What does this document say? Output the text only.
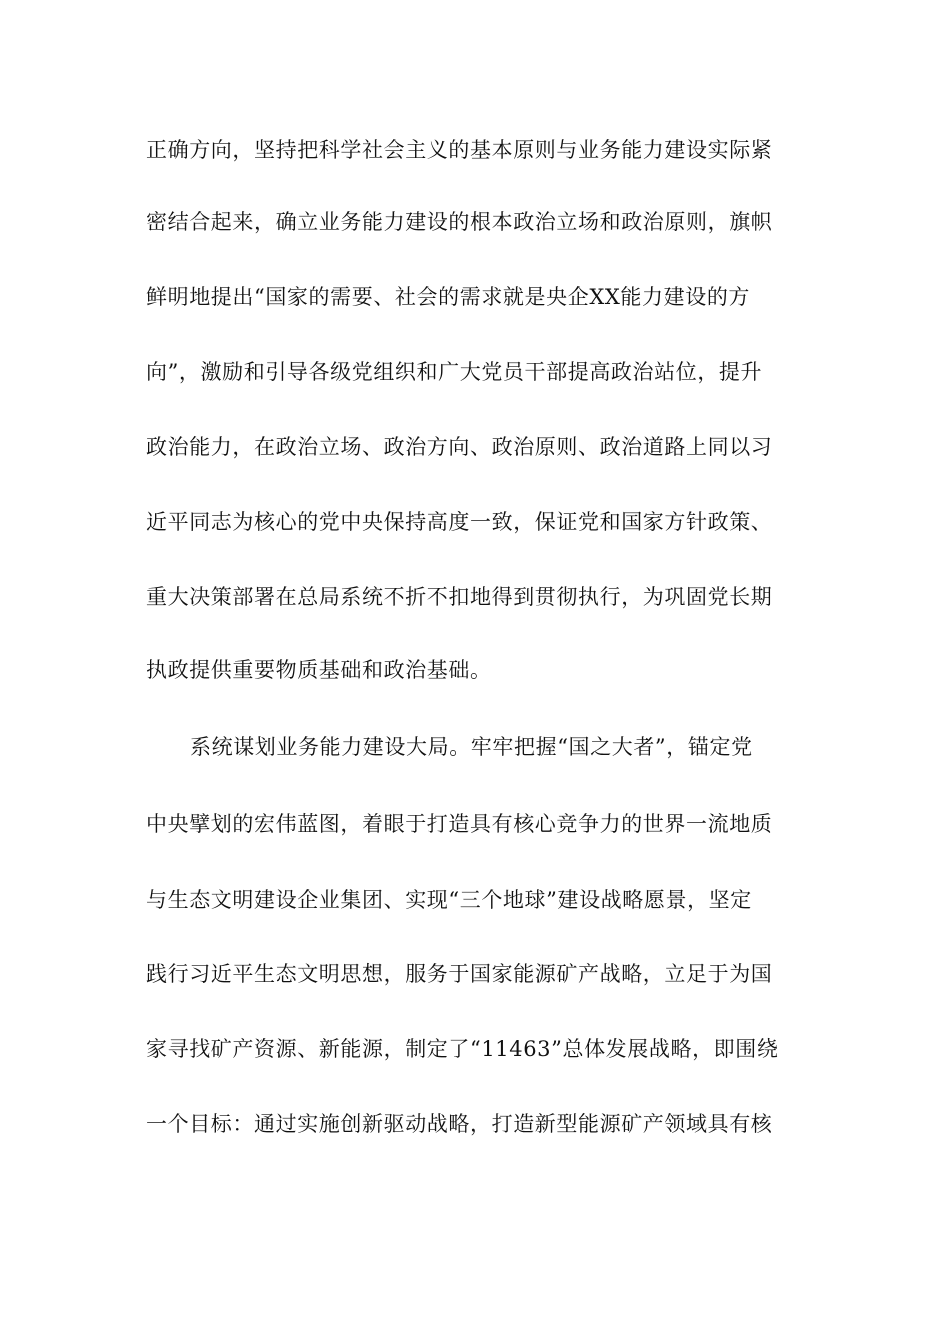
正确方向，坚持把科学社会主义的基本原则与业务能力建设实际紧
密结合起来，确立业务能力建设的根本政治立场和政治原则，旗帜
鲜明地提出“国家的需要、社会的需求就是央企XX能力建设的方
向”，激励和引导各级党组织和广大党员干部提高政治站位，提升
政治能力，在政治立场、政治方向、政治原则、政治道路上同以习
近平同志为核心的党中央保持高度一致，保证党和国家方针政策、
重大决策部署在总局系统不折不扣地得到贯彻执行，为巩固党长期
执政提供重要物质基础和政治基础。
系统谋划业务能力建设大局。牢牢把握“国之大者”，锚定党
中央擘划的宏伟蓝图，着眼于打造具有核心竞争力的世界一流地质
与生态文明建设企业集团、实现“三个地球”建设战略愿景，坚定
践行习近平生态文明思想，服务于国家能源矿产战略，立足于为国
家寻找矿产资源、新能源，制定了“11463”总体发展战略，即围绕
一个目标：通过实施创新驱动战略，打造新型能源矿产领域具有核
